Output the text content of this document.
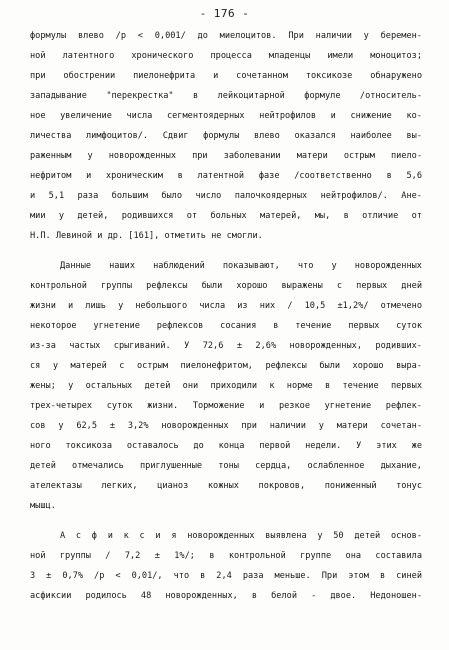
- 176 -
формулы влево /р < 0,001/ до миелоцитов. При наличии у беремен-
ной латентного хронического процесса младенцы имели моноцитоз;
при обострении пиелонефрита и сочетанном токсикозе обнаружено
западывание "перекрестка" в лейкоцитарной формуле /относитель-
ное увеличение числа сегментоядерных нейтрофилов и снижение ко-
личества лимфоцитов/. Сдвиг формулы влево оказался наиболее вы-
раженным у новорожденных при заболевании матери острым пиело-
нефритом и хроническим в латентной фазе /соответственно в 5,6
и 5,1 раза большим было число палочкоядерных нейтрофилов/. Ане-
мии у детей, родившихся от больных матерей, мы, в отличие от
Н.П. Левиной и др. [161], отметить не смогли.
Данные наших наблюдений показывают, что у новорожденных
контрольной группы рефлексы были хорошо выражены с первых дней
жизни и лишь у небольшого числа из них / 10,5 ±1,2%/ отмечено
некоторое угнетение рефлексов сосания в течение первых суток
из-за частых срыгиваний. У 72,6 ± 2,6% новорожденных, родивших-
ся у матерей с острым пиелонефритом, рефлексы были хорошо выра-
жены; у остальных детей они приходили к норме в течение первых
трех-четырех суток жизни. Торможение и резкое угнетение рефлек-
сов у 62,5 ± 3,2% новорожденных при наличии у матери сочетан-
ного токсикоза оставалось до конца первой недели. У этих же
детей отмечались приглушенные тоны сердца, ослабленное дыхание,
ателектазы легких, цианоз кожных покровов, пониженный тонус
мышц.
А с ф и к с и я новорожденных выявлена у 50 детей основ-
ной группы / 7,2 ± 1%/; в контрольной группе она составила
3 ± 0,7% /р < 0,01/, что в 2,4 раза меньше. При этом в синей
асфиксии родилось 48 новорожденных, в белой - двое. Недоношен-
